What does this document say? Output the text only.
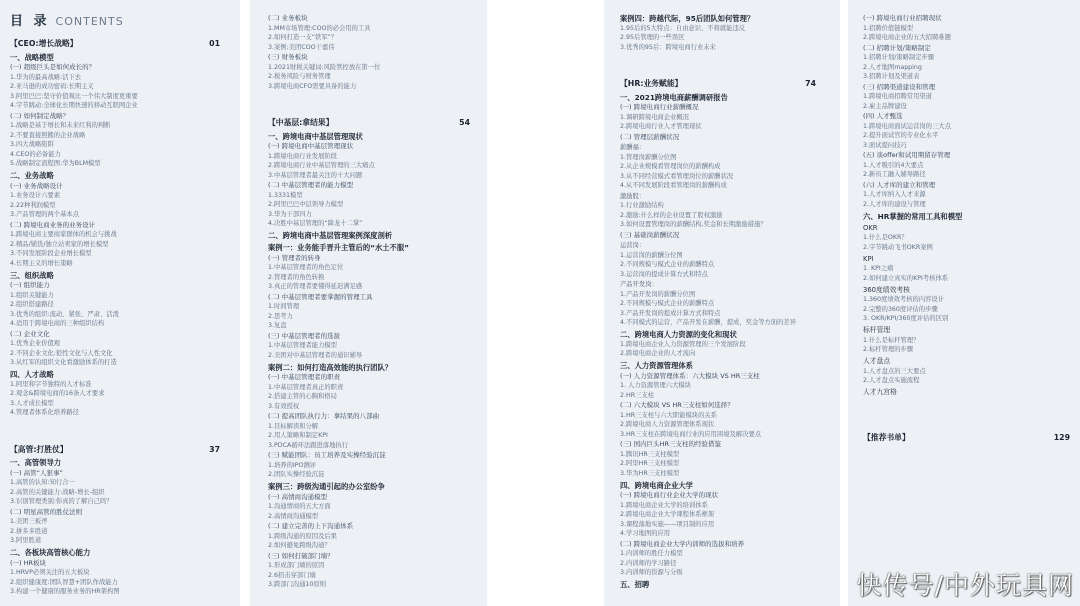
目 录 CONTENTS
【CEO:增长战略】	01
一、战略模型
(一) 超级巨头是如何成长的？
1.华为的最高战略:活下去
2.亚马逊的成功密码:长期主义
3.阿里巴巴:坚守价值观比一个伟大制度更重要
4.字节跳动:全球化长期快速的移动互联网企业
(二) 如何制定战略？
1.战略是基于增长和未来红利的判断
2.不要直接照搬的企业战略
3.四大战略陷阱
4.CEO的必备能力
5.战略制定流程图:华为BLM模型
二、业务战略
(一) 业务战略设计
1.业务设计六要素
2.22种利润模型
3.产品管理的两个基本点
(二) 跨境电商业务的业务设计
1.跨境电商主要商家群体的机会与挑战
2.精品/铺货/独立站卖家的增长模型
3.不同发展阶段企业增长模型
4.长期主义的增长策略
三、组织战略
(一) 组织能力
1.组织关键能力
2.组织搭建路径
3.优秀的组织:流动、紧张、严肃、活泼
4.适用于跨境电商的三种组织结构
(二) 企业文化
1.优秀企业价值观
2.不同企业文化:狼性文化与人性文化
3.从红军的组织文化看激励体系的打造
四、人才战略
1.阿里和字节独特的人才标准
2.观念&跨境电商的16条人才要求
3.人才成长模型
4.管理者体系化培养路径
【高管:打胜仗】	37
一、高管领导力
(一) 高管“人狠事”
1.高管的认知:知行合一
2.高管的关键能力:战略-增长-组织
3.识别管理类别:你真的了解自己吗？
(二) 明星高管的胜仗法则
1.美团三板斧
2.拼多多胜道
3.阿里胜道
二、各板块高管核心能力
(一) HR板块
1.HRVP必须关注的五大板块
2.组织健康度:团队智慧+团队作战能力
3.构建一个健康的服务业务的HR架构图
(二) 业务板块
1.MM市场管理:COO的必会用的工具
2.如何打造一支“铁军”？
3.案例:美团COO干嘉伟
(三) 财务板块
1.2021财税关键词:风险管控放在第一位
2.税务风险与财务管理
3.跨境电商CFO需要具备的能力
【中基层:拿结果】	54
一、跨境电商中基层管理现状
(一) 跨境电商中基层管理现状
1.跨境电商行业发展阶段
2.跨境电商行业中基层管理的三大痛点
3.中基层管理者最关注的十大问题
(二) 中基层管理者的能力模型
1.3331模型
2.阿里巴巴中层领导力模型
3.华为干部四力
4.决胜中基层管理的“降龙十二掌”
二、跨境电商中基层管理案例深度剖析
案例一：业务能手晋升主管后的“水土不服”
(一) 管理者的转身
1.中基层管理者的角色定位
2.管理者的角色转换
3.真正的管理者要懂得延迟满足感
(二) 中基层管理者要掌握的管理工具
1.时间管理
2.思考力
3.复盘
(三) 中基层管理者的选拔
1.中基层管理者能力模型
2.美团对中基层管理者的通识辅导
案例二：如何打造高效能的执行团队？
(一) 中基层管理者的职责
1.中基层管理者真正的职责
2.搭建主管的心胸和格局
3.有效授权
(二) 提高团队执行力：拿结果的八部曲
1.目标解读和分解
2.用人策略和制定KPI
3.PDCA循环法跟进落地执行
(三) 赋能团队：员工培养及实操经验沉淀
1.培养的IPO测评
2.团队实操经验沉淀
案例三：跨级沟通引起的办公室纷争
(一) 高情商沟通模型
1.沟通情商的五大方面
2.高情商沟通模型
(二) 建立完善的上下沟通体系
1.跨级沟通的原因及后果
2.如何避免跨级沟通？
(三) 如何打破部门墙？
1.形成部门墙的原因
2.6招击穿部门墙
3.跨部门沟通10原则
案例四：跨越代际，95后团队如何管理？
1.95后的5大特点：自由意识、不将就能违反
2.95后管理的一些误区
3.优秀的95后：跨境电商行业未来
【HR:业务赋能】	74
一、2021跨境电商薪酬调研报告
(一) 跨境电商行业薪酬概况
1.调研跨境电商企业概况
2.跨境电商行业人才管理现状
(二) 管理层薪酬状况
薪酬福：
1.管理岗薪酬分位图
2.从企业规模看管理岗位的薪酬构成
3.从不同经营模式看管理岗位的薪酬状况
4.从不同发展阶段看管理岗的薪酬构成
激励股：
1.行业激励结构
2.激励:什么样的企业设置了股权激励
3.如何设置管理岗的薪酬结构,奖金和长期激励措施？
(三) 基础岗薪酬状况
运营岗：
1.运营岗的薪酬分位图
2.不同规模与模式企业的薪酬特点
3.运营岗的提成计算方式和特点
产品开发岗：
1.产品开发岗的薪酬分位图
2.不同规模与模式企业的薪酬特点
3.产品开发岗的提成计算方式和特点
4.不同模式的运营，产品开发在薪酬，提成，奖金等方面的差异
二、跨境电商人力资源的变化和现状
1.跨境电商企业人力资源管理的三个发展阶段
2.跨境电商企业的人才流向
三、人力资源管理体系
(一) 人力资源管理体系：六大模块 VS HR三支柱
1. 人力资源管理六大模块
2.HR三支柱
(二) 六大模块 VS HR三支柱如何选择？
1.HR三支柱与六大职能模块的关系
2.跨境电商人力资源管理体系现状
3.HR三支柱在跨境电商行业的应用困境及解决要点
(三) 国内巨头HR三支柱的经验借鉴
1.腾讯HR三支柱模型
2.阿里HR三支柱模型
3.华为HR三支柱模型
四、跨境电商企业大学
(一) 跨境电商行业企业大学的现状
1.跨境电商企业大学的培训体系
2.跨境电商企业大学课程体系框架
3.课程落地实施——项目制的应用
4.学习地图的应用
(二) 跨境电商企业大学内训师的选拔和培养
1.内训师的胜任力模型
2.内训师的学习路径
3.内训师的资源与分级
五、招聘
(一) 跨境电商行业招聘现状
1.招聘价值链模型
2.跨境电商企业的五大招聘难题
(二) 招聘计划/策略制定
1.招聘计划/策略制定步骤
2.人才地图mapping
3.招聘计划及渠道表
(三) 招聘渠道建设和管理
1.跨境电商招聘常用渠道
2.雇主品牌建设
(四) 人才甄选
1.跨境电商面试运营岗的三大点
2.提升面试官的专业化水平
3.面试提问技巧
(五) 谈offer和试用期留存管理
1.人才吸引的4大要点
2.新员工融入辅导路径
(六) 人才库的建立和管理
1.人才库纳入人才来源
2.人才库的建设与管理
六、HR掌握的常用工具和模型
OKR
1.什么是OKR？
2.字节跳动飞书OKR案例
KPI
1. KPI之痛
2.如何建立真实的KPI考核体系
360度绩效考核
1.360度绩效考核的内容设计
2.完整的360度评估的步骤
3. OKR/KPI/360度评估的区别
标杆管理
1.什么是标杆管理？
2.标杆管理的步骤
人才盘点
1.人才盘点的三大要点
2.人才盘点实施流程
人才九宫格
【推荐书单】	129
快传号/中外玩具网
